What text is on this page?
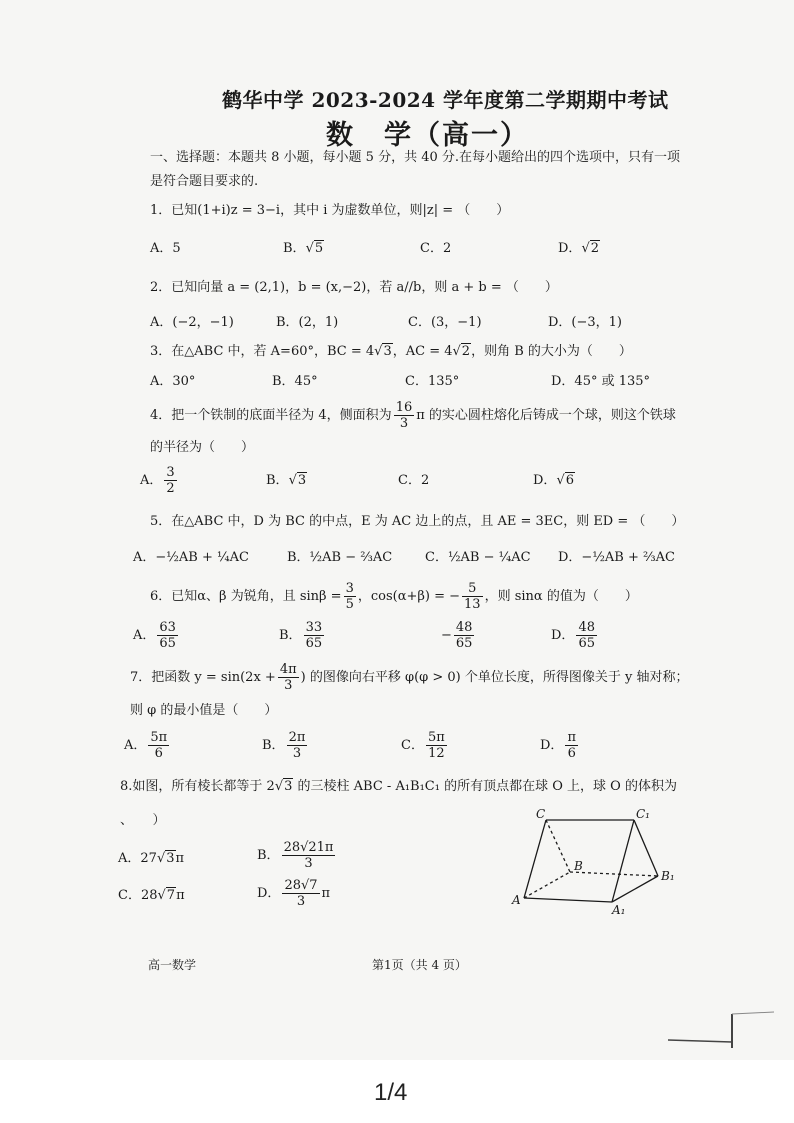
鹤华中学 2023-2024 学年度第二学期期中考试
数　学（高一）
一、选择题：本题共 8 小题，每小题 5 分，共 40 分.在每小题给出的四个选项中，只有一项
是符合题目要求的.
1．已知(1+i)z = 3−i，其中 i 为虚数单位，则|z| = （　　）
A．5	B．√5	C．2	D．√2
2．已知向量 a = (2,1)，b = (x,−2)，若 a//b，则 a + b = （　　）
A．(−2，−1)	B．(2，1)	C．(3，−1)	D．(−3，1)
3．在△ABC 中，若 A=60°，BC = 4√3，AC = 4√2，则角 B 的大小为（　　）
A．30°	B．45°	C．135°	D．45° 或 135°
4．把一个铁制的底面半径为 4，侧面积为 $\frac{16}{3}$ π 的实心圆柱熔化后铸成一个球，则这个铁球
的半径为（　　）
A． $\frac{3}{2}$	B．√3	C．2	D．√6
5．在△ABC 中，D 为 BC 的中点，E 为 AC 边上的点，且 AE = 3EC，则 ED = （　　）
A．−½AB + ¼AC	B．½AB − ⅔AC	C．½AB − ¼AC D．−½AB + ⅔AC
6．已知α、β 为锐角，且 $\sin\beta = \frac{3}{5}$ ，cos(α+β) = − $\frac{5}{13}$ ，则 sinα 的值为（　　）
A． $\frac{63}{65}$	B． $\frac{33}{65}$	− $\frac{48}{65}$	D． $\frac{48}{65}$
7．把函数 $y = \sin(2x + \frac{4\pi}{3}$ ) 的图像向右平移 φ(φ > 0) 个单位长度，所得图像关于 y 轴对称；
则 φ 的最小值是（　　）
A． $\frac{5\pi}{6}$	B． $\frac{2\pi}{3}$	C． $\frac{5\pi}{12}$	D． $\frac{\pi}{6}$
8.如图，所有棱长都等于 2√3 的三棱柱 ABC - A₁B₁C₁ 的所有顶点都在球 O 上，球 O 的体积为
、　　）
A．27√3π	B． $\frac{28√21\pi}{3}$
C．28√7π	D． $\frac{28√7}{3}$ π
C	C₁
B
B₁
A
A₁
高一数学	第1页（共 4 页）
1/4
